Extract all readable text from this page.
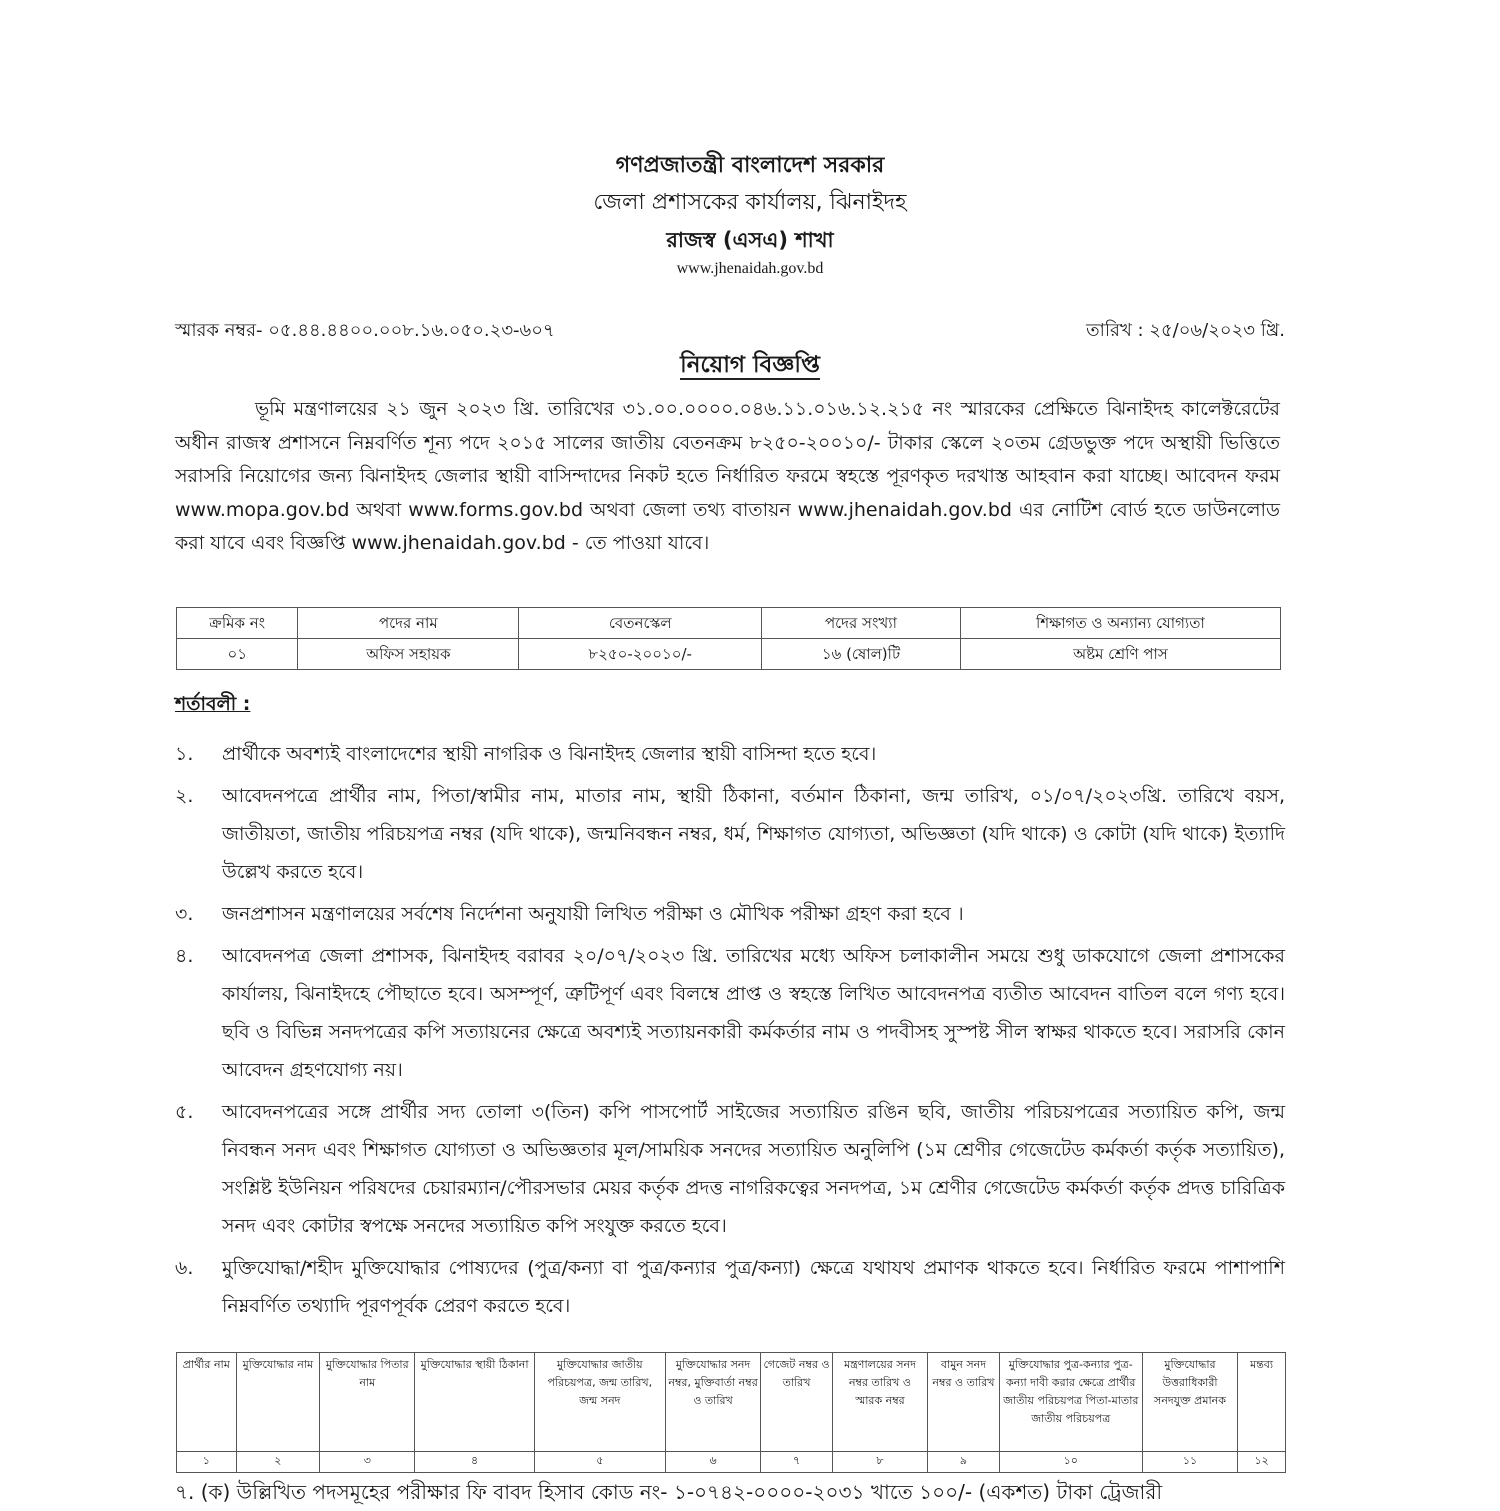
গণপ্রজাতন্ত্রী বাংলাদেশ সরকার
জেলা প্রশাসকের কার্যালয়, ঝিনাইদহ
রাজস্ব (এসএ) শাখা
www.jhenaidah.gov.bd
স্মারক নম্বর- ০৫.৪৪.৪৪০০.০০৮.১৬.০৫০.২৩-৬০৭	তারিখ : ২৫/০৬/২০২৩ খ্রি.
নিয়োগ বিজ্ঞপ্তি
ভূমি মন্ত্রণালয়ের ২১ জুন ২০২৩ খ্রি. তারিখের ৩১.০০.০০০০.০৪৬.১১.০১৬.১২.২১৫ নং স্মারকের প্রেক্ষিতে ঝিনাইদহ কালেক্টরেটের অধীন রাজস্ব প্রশাসনে নিম্নবর্ণিত শূন্য পদে ২০১৫ সালের জাতীয় বেতনক্রম ৮২৫০-২০০১০/- টাকার স্কেলে ২০তম গ্রেডভুক্ত পদে অস্থায়ী ভিত্তিতে সরাসরি নিয়োগের জন্য ঝিনাইদহ জেলার স্থায়ী বাসিন্দাদের নিকট হতে নির্ধারিত ফরমে স্বহস্তে পূরণকৃত দরখাস্ত আহবান করা যাচ্ছে। আবেদন ফরম www.mopa.gov.bd অথবা www.forms.gov.bd অথবা জেলা তথ্য বাতায়ন www.jhenaidah.gov.bd এর নোটিশ বোর্ড হতে ডাউনলোড করা যাবে এবং বিজ্ঞপ্তি www.jhenaidah.gov.bd - তে পাওয়া যাবে।
ক্রমিক নং	পদের নাম	বেতনস্কেল	পদের সংখ্যা	শিক্ষাগত ও অন্যান্য যোগ্যতা
০১	অফিস সহায়ক	৮২৫০-২০০১০/-	১৬ (ষোল)টি	অষ্টম শ্রেণি পাস
শর্তাবলী :
১.	প্রার্থীকে অবশ্যই বাংলাদেশের স্থায়ী নাগরিক ও ঝিনাইদহ জেলার স্থায়ী বাসিন্দা হতে হবে।
২.	আবেদনপত্রে প্রার্থীর নাম, পিতা/স্বামীর নাম, মাতার নাম, স্থায়ী ঠিকানা, বর্তমান ঠিকানা, জন্ম তারিখ, ০১/০৭/২০২৩খ্রি. তারিখে বয়স, জাতীয়তা, জাতীয় পরিচয়পত্র নম্বর (যদি থাকে), জন্মনিবন্ধন নম্বর, ধর্ম, শিক্ষাগত যোগ্যতা, অভিজ্ঞতা (যদি থাকে) ও কোটা (যদি থাকে) ইত্যাদি উল্লেখ করতে হবে।
৩.	জনপ্রশাসন মন্ত্রণালয়ের সর্বশেষ নির্দেশনা অনুযায়ী লিখিত পরীক্ষা ও মৌখিক পরীক্ষা গ্রহণ করা হবে ।
৪.	আবেদনপত্র জেলা প্রশাসক, ঝিনাইদহ বরাবর ২০/০৭/২০২৩ খ্রি. তারিখের মধ্যে অফিস চলাকালীন সময়ে শুধু ডাকযোগে জেলা প্রশাসকের কার্যালয়, ঝিনাইদহে পৌছাতে হবে। অসম্পূর্ণ, ত্রুটিপূর্ণ এবং বিলম্বে প্রাপ্ত ও স্বহস্তে লিখিত আবেদনপত্র ব্যতীত আবেদন বাতিল বলে গণ্য হবে। ছবি ও বিভিন্ন সনদপত্রের কপি সত্যায়নের ক্ষেত্রে অবশ্যই সত্যায়নকারী কর্মকর্তার নাম ও পদবীসহ সুস্পষ্ট সীল স্বাক্ষর থাকতে হবে। সরাসরি কোন আবেদন গ্রহণযোগ্য নয়।
৫.	আবেদনপত্রের সঙ্গে প্রার্থীর সদ্য তোলা ৩(তিন) কপি পাসপোর্ট সাইজের সত্যায়িত রঙিন ছবি, জাতীয় পরিচয়পত্রের সত্যায়িত কপি, জন্ম নিবন্ধন সনদ এবং শিক্ষাগত যোগ্যতা ও অভিজ্ঞতার মূল/সাময়িক সনদের সত্যায়িত অনুলিপি (১ম শ্রেণীর গেজেটেড কর্মকর্তা কর্তৃক সত্যায়িত), সংশ্লিষ্ট ইউনিয়ন পরিষদের চেয়ারম্যান/পৌরসভার মেয়র কর্তৃক প্রদত্ত নাগরিকত্বের সনদপত্র, ১ম শ্রেণীর গেজেটেড কর্মকর্তা কর্তৃক প্রদত্ত চারিত্রিক সনদ এবং কোটার স্বপক্ষে সনদের সত্যায়িত কপি সংযুক্ত করতে হবে।
৬.	মুক্তিযোদ্ধা/শহীদ মুক্তিযোদ্ধার পোষ্যদের (পুত্র/কন্যা বা পুত্র/কন্যার পুত্র/কন্যা) ক্ষেত্রে যথাযথ প্রমাণক থাকতে হবে। নির্ধারিত ফরমে পাশাপাশি নিম্নবর্ণিত তথ্যাদি পূরণপূর্বক প্রেরণ করতে হবে।
প্রার্থীর নাম	মুক্তিযোদ্ধার নাম	মুক্তিযোদ্ধার পিতার নাম	মুক্তিযোদ্ধার স্থায়ী ঠিকানা	মুক্তিযোদ্ধার জাতীয় পরিচয়পত্র, জন্ম তারিখ, জন্ম সনদ	মুক্তিযোদ্ধার সনদ নম্বর, মুক্তিবার্তা নম্বর ও তারিখ	গেজেট নম্বর ও তারিখ	মন্ত্রণালয়ের সনদ নম্বর তারিখ ও স্মারক নম্বর	বামুন সনদ নম্বর ও তারিখ	মুক্তিযোদ্ধার পুত্র-কন্যার পুত্র-কন্যা দাবী করার ক্ষেত্রে প্রার্থীর জাতীয় পরিচয়পত্র পিতা-মাতার জাতীয় পরিচয়পত্র	মুক্তিযোদ্ধার উত্তরাধিকারী সনদযুক্ত প্রমানক	মন্তব্য
১	২	৩	৪	৫	৬	৭	৮	৯	১০	১১	১২
৭. (ক) উল্লিখিত পদসমূহের পরীক্ষার ফি বাবদ হিসাব কোড নং- ১-০৭৪২-০০০০-২০৩১ খাতে ১০০/- (একশত) টাকা ট্রেজারী
